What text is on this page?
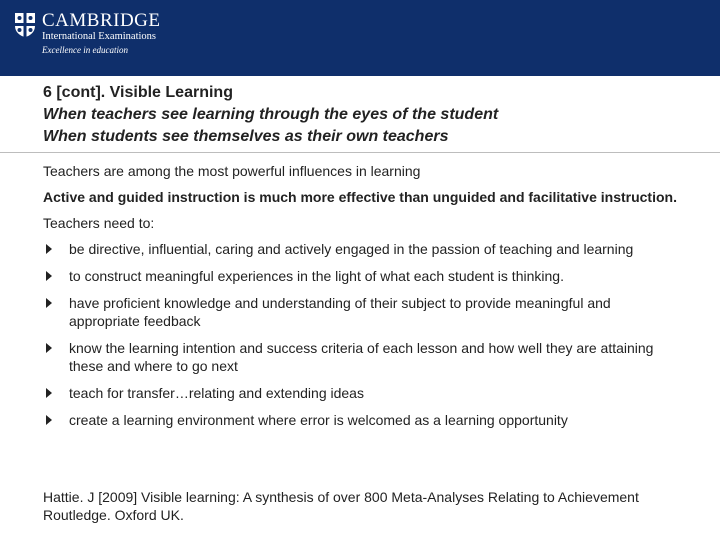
CAMBRIDGE
International Examinations
Excellence in education
6 [cont]. Visible Learning
When teachers see learning through the eyes of the student
When students see themselves as their own teachers

Teachers are among the most powerful influences in learning

Active and guided instruction is much more effective than unguided and facilitative instruction.

Teachers need to:

be directive, influential, caring and actively engaged in the passion of teaching and learning
to construct meaningful experiences in the light of what each student is thinking.
have proficient knowledge and understanding of their subject to provide meaningful and appropriate feedback
know the learning intention and success criteria of each lesson and how well they are attaining these and where to go next
teach for transfer…relating and extending ideas
create a learning environment where error is welcomed as a learning opportunity
Hattie. J [2009] Visible learning: A synthesis of over 800 Meta-Analyses Relating to Achievement Routledge. Oxford UK.
